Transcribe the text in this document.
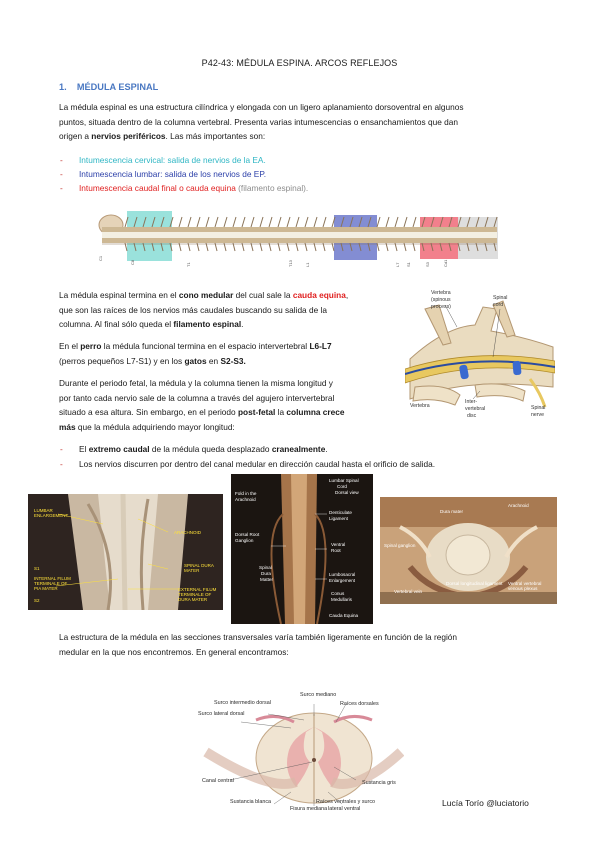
P42-43: MÉDULA ESPINA. ARCOS REFLEJOS
1. MÉDULA ESPINAL
La médula espinal es una estructura cilíndrica y elongada con un ligero aplanamiento dorsoventral en algunos
puntos, situada dentro de la columna vertebral. Presenta varias intumescencias o ensanchamientos que dan
origen a nervios periféricos. Las más importantes son:
- Intumescencia cervical: salida de nervios de la EA.
- Intumescencia lumbar: salida de los nervios de EP.
- Intumescencia caudal final o cauda equina (filamento espinal).
C1
C8	T1	T13	L1	L7 S1	S3	Cd1
La médula espinal termina en el cono medular del cual sale la cauda equina,
que son las raíces de los nervios más caudales buscando su salida de la
columna. Al final sólo queda el filamento espinal.
En el perro la médula funcional termina en el espacio intervertebral L6-L7
(perros pequeños L7-S1) y en los gatos en S2-S3.
Durante el periodo fetal, la médula y la columna tienen la misma longitud y
por tanto cada nervio sale de la columna a través del agujero intervertebral
situado a esa altura. Sin embargo, en el periodo post-fetal la columna crece
más que la médula adquiriendo mayor longitud:
Vertebra
(spinous
process)
Spinal
cord
Vertebra
Inter-
vertebral
disc
Spinal
nerve
- El extremo caudal de la médula queda desplazado cranealmente.
- Los nervios discurren por dentro del canal medular en dirección caudal hasta el orificio de salida.
LUMBAR
ENLARGEMENT
ARACHNOID
S1
INTERNAL FILUM
TERMINALE OF
PIA MATER
S2
SPINAL DURA
MATER
EXTERNAL FILUM
TERMINALE OF
DURA MATER
Lumbar Spinal
Cord
Dorsal view
Fold in the
Arachnoid
Denticulate
Ligament
Dorsal Root
Ganglion
Ventral
Root
Spinal
Dura
Matter
Lumbosacral
Enlargement
Conus
Medullaris
Cauda Equina
Dura mater
Arachnoid
Spinal ganglion
Dorsal longitudinal ligament Ventral vertebral
venous plexus
Vertebral vein
La estructura de la médula en las secciones transversales varía también ligeramente en función de la región
medular en la que nos encontremos. En general encontramos:
Surco mediano
Surco intermedio dorsal	Raíces dorsales
Surco lateral dorsal
Canal central	Sustancia gris
Sustancia blanca
Fisura mediana
Raíces ventrales y surco
lateral ventral
Lucía Torío @luciatorio
